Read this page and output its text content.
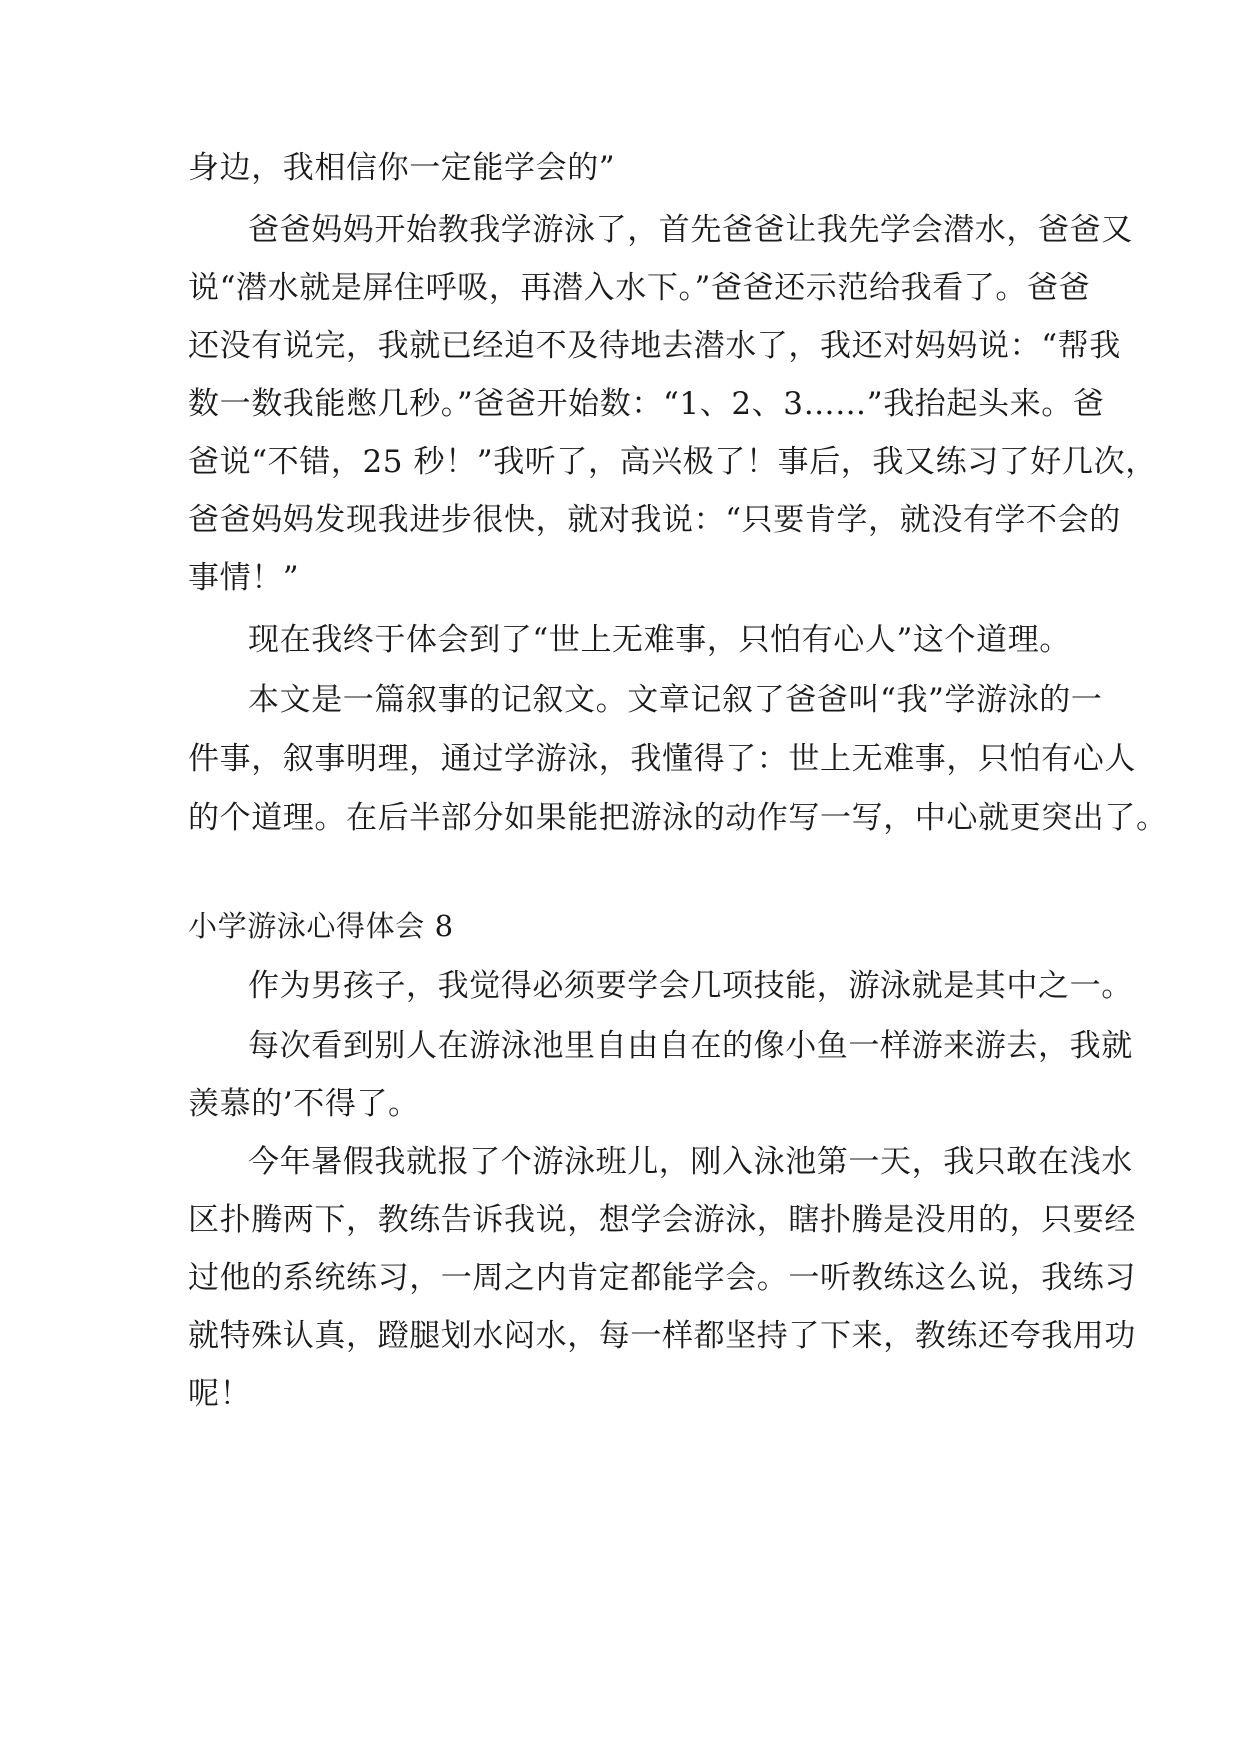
身边，我相信你一定能学会的”
爸爸妈妈开始教我学游泳了，首先爸爸让我先学会潜水，爸爸又
说“潜水就是屏住呼吸，再潜入水下。”爸爸还示范给我看了。爸爸
还没有说完，我就已经迫不及待地去潜水了，我还对妈妈说：“帮我
数一数我能憋几秒。”爸爸开始数：“1、2、3……”我抬起头来。爸
爸说“不错，25 秒！”我听了，高兴极了！事后，我又练习了好几次，
爸爸妈妈发现我进步很快，就对我说：“只要肯学，就没有学不会的
事情！”
现在我终于体会到了“世上无难事，只怕有心人”这个道理。
本文是一篇叙事的记叙文。文章记叙了爸爸叫“我”学游泳的一
件事，叙事明理，通过学游泳，我懂得了：世上无难事，只怕有心人
的个道理。在后半部分如果能把游泳的动作写一写，中心就更突出了。
小学游泳心得体会 8
作为男孩子，我觉得必须要学会几项技能，游泳就是其中之一。
每次看到别人在游泳池里自由自在的像小鱼一样游来游去，我就
羡慕的’不得了。
今年暑假我就报了个游泳班儿，刚入泳池第一天，我只敢在浅水
区扑腾两下，教练告诉我说，想学会游泳，瞎扑腾是没用的，只要经
过他的系统练习，一周之内肯定都能学会。一听教练这么说，我练习
就特殊认真，蹬腿划水闷水，每一样都坚持了下来，教练还夸我用功
呢！
